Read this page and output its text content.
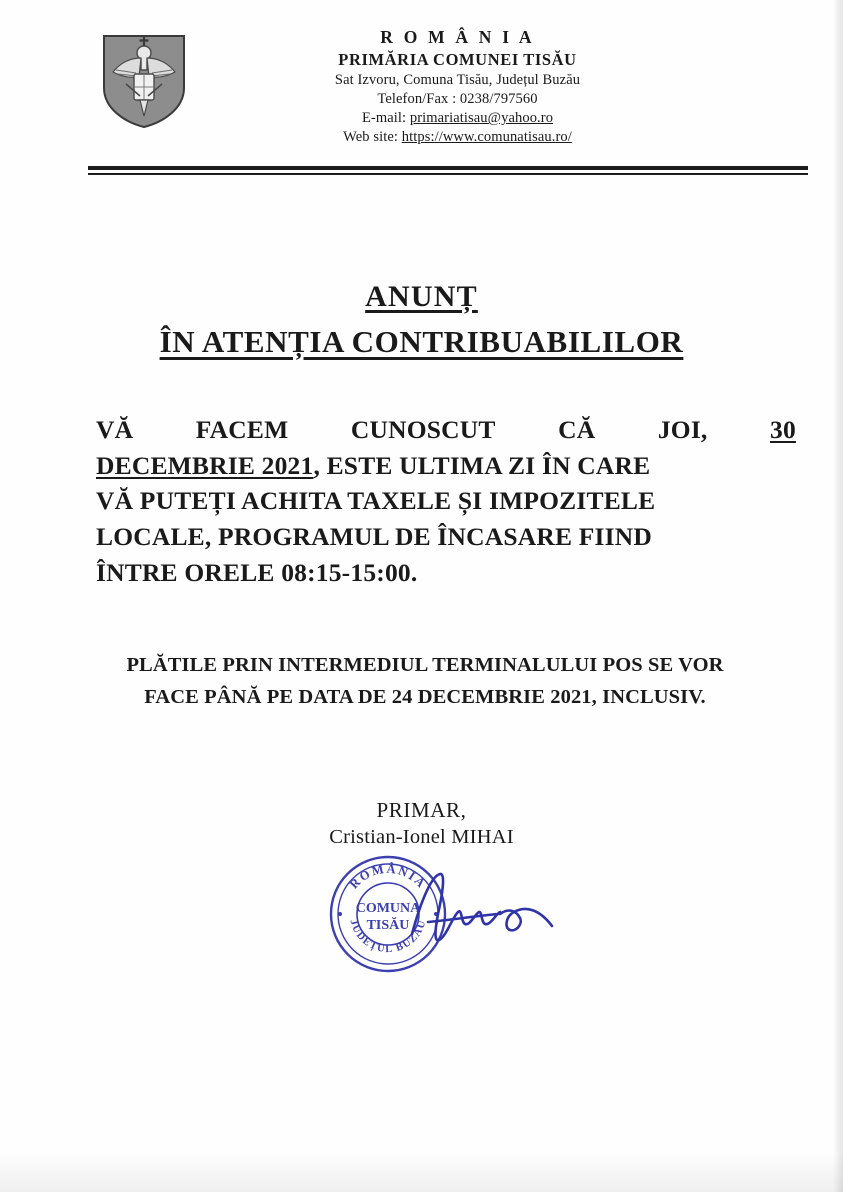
R O M Â N I A
PRIMĂRIA COMUNEI TISĂU
Sat Izvoru, Comuna Tisău, Județul Buzău
Telefon/Fax : 0238/797560
E-mail: primariatisau@yahoo.ro
Web site: https://www.comunatisau.ro/
ANUNȚ
ÎN ATENȚIA CONTRIBUABILILOR
VĂ FACEM CUNOSCUT CĂ JOI, 30
DECEMBRIE 2021, ESTE ULTIMA ZI ÎN CARE
VĂ PUTEȚI ACHITA TAXELE ȘI IMPOZITELE
LOCALE, PROGRAMUL DE ÎNCASARE FIIND
ÎNTRE ORELE 08:15-15:00.
PLĂTILE PRIN INTERMEDIUL TERMINALULUI POS SE VOR
FACE PÂNĂ PE DATA DE 24 DECEMBRIE 2021, INCLUSIV.
PRIMAR,
Cristian-Ionel MIHAI
ROMÂNIA
JUDEȚUL BUZĂU
COMUNA
TISĂU
